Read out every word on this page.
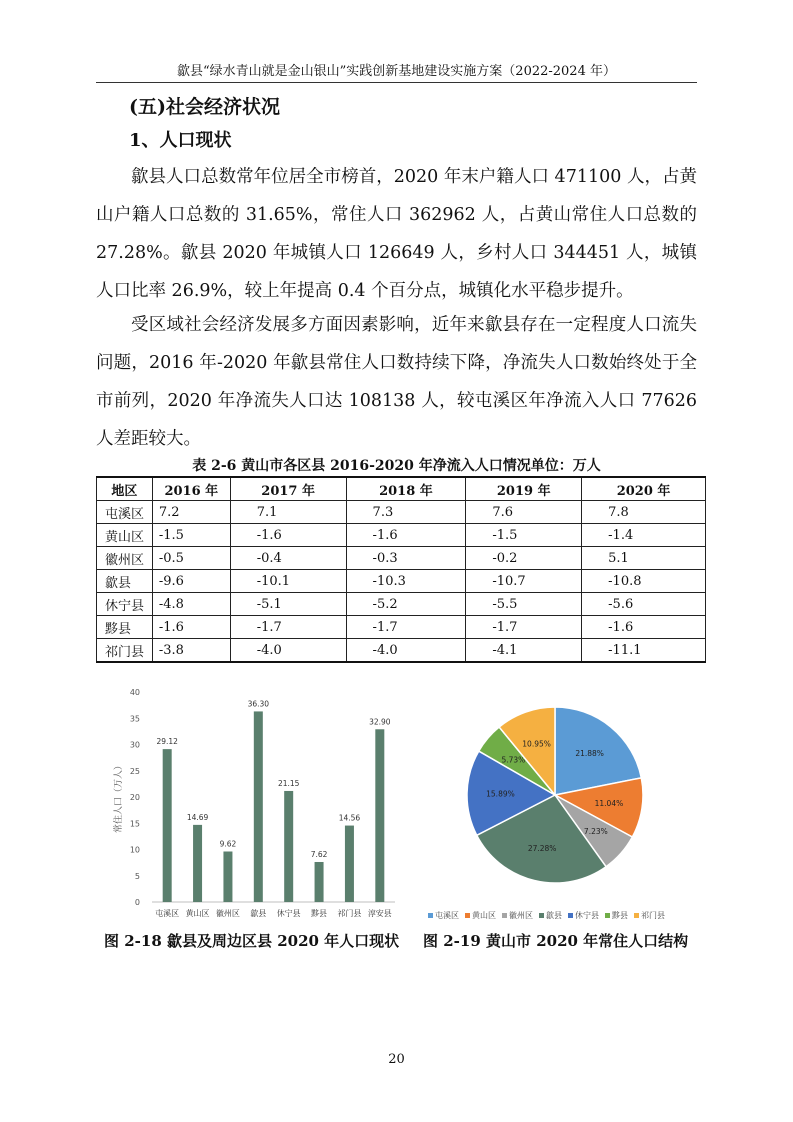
歙县“绿水青山就是金山银山”实践创新基地建设实施方案（2022-2024 年）
(五)社会经济状况
1、人口现状

歙县人口总数常年位居全市榜首，2020 年末户籍人口 471100 人，占黄山户籍人口总数的 31.65%，常住人口 362962 人，占黄山常住人口总数的 27.28%。歙县 2020 年城镇人口 126649 人，乡村人口 344451 人，城镇人口比率 26.9%，较上年提高 0.4 个百分点，城镇化水平稳步提升。

受区域社会经济发展多方面因素影响，近年来歙县存在一定程度人口流失问题，2016 年-2020 年歙县常住人口数持续下降，净流失人口数始终处于全市前列，2020 年净流失人口达 108138 人，较屯溪区年净流入人口 77626 人差距较大。

表 2-6 黄山市各区县 2016-2020 年净流入人口情况单位：万人
地区	2016 年	2017 年	2018 年	2019 年	2020 年
屯溪区	7.2	7.1	7.3	7.6	7.8
黄山区	-1.5	-1.6	-1.6	-1.5	-1.4
徽州区	-0.5	-0.4	-0.3	-0.2	5.1
歙县	-9.6	-10.1	-10.3	-10.7	-10.8
休宁县	-4.8	-5.1	-5.2	-5.5	-5.6
黟县	-1.6	-1.7	-1.7	-1.7	-1.6
祁门县	-3.8	-4.0	-4.0	-4.1	-11.1
0
5
10
15
20
25
30
35
40
常住人口（万人）
29.12
屯溪区
14.69
黄山区
9.62
徽州区
36.30
歙县
21.15
休宁县
7.62
黟县
14.56
祁门县
32.90
淳安县
21.88%
11.04%
7.23%
27.28%
15.89%
5.73%
10.95%
屯溪区 黄山区 徽州区 歙县 休宁县 黟县 祁门县
图 2-18 歙县及周边区县 2020 年人口现状 图 2-19 黄山市 2020 年常住人口结构
20
